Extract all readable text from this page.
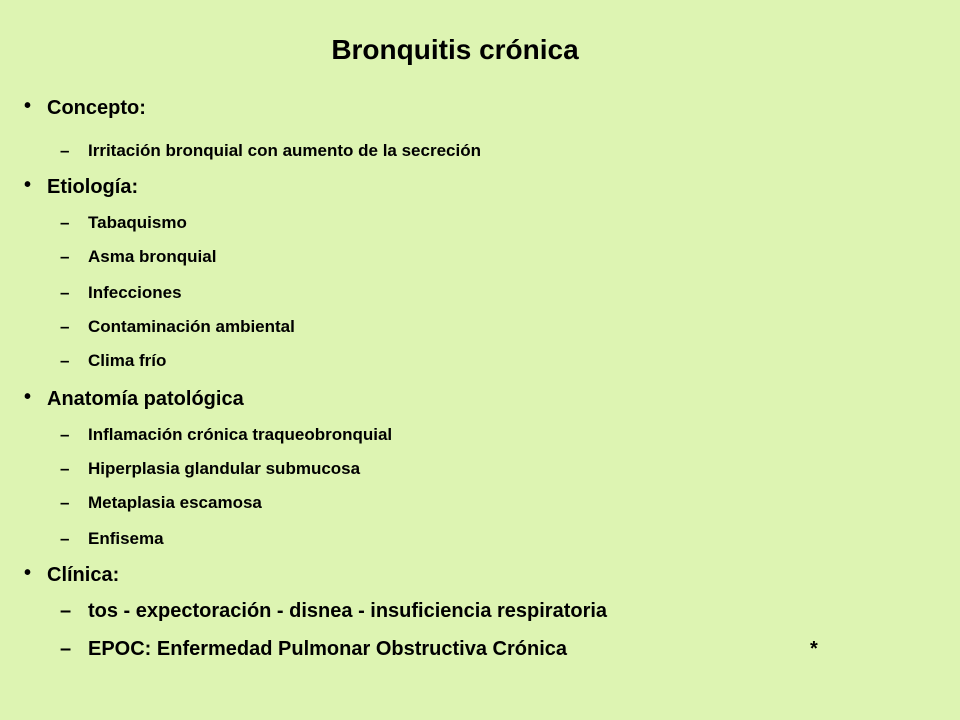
Bronquitis crónica
• Concepto:
– Irritación bronquial con aumento de la secreción
• Etiología:
– Tabaquismo
– Asma bronquial
– Infecciones
– Contaminación ambiental
– Clima frío
• Anatomía patológica
– Inflamación crónica traqueobronquial
– Hiperplasia glandular submucosa
– Metaplasia escamosa
– Enfisema
• Clínica:
– tos - expectoración - disnea - insuficiencia respiratoria
– EPOC: Enfermedad Pulmonar Obstructiva Crónica	*
